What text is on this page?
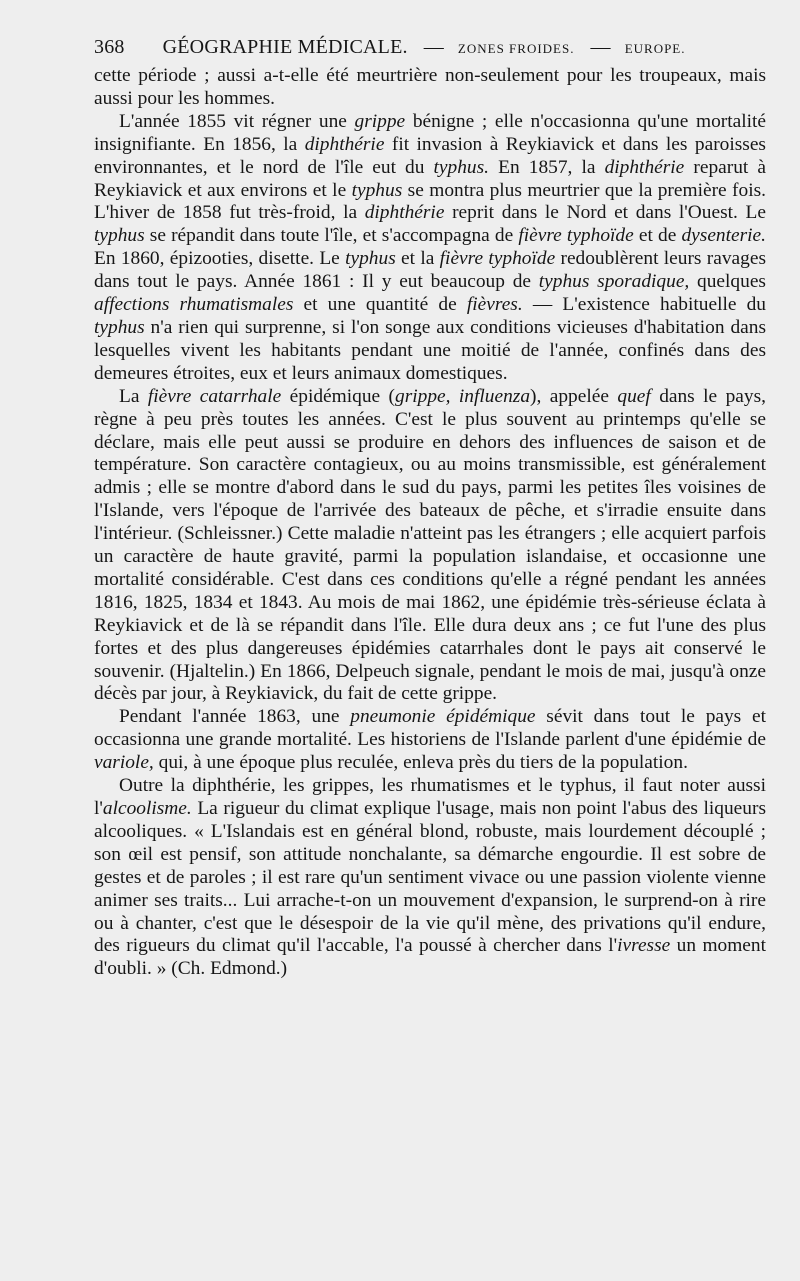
368 GÉOGRAPHIE MÉDICALE. — ZONES FROIDES. — EUROPE.

cette période ; aussi a-t-elle été meurtrière non-seulement pour les troupeaux, mais aussi pour les hommes.

L'année 1855 vit régner une grippe bénigne ; elle n'occasionna qu'une mortalité insignifiante. En 1856, la diphthérie fit invasion à Reykiavick et dans les paroisses environnantes, et le nord de l'île eut du typhus. En 1857, la diphthérie reparut à Reykiavick et aux environs et le typhus se montra plus meurtrier que la première fois. L'hiver de 1858 fut très-froid, la diphthérie reprit dans le Nord et dans l'Ouest. Le typhus se répandit dans toute l'île, et s'accompagna de fièvre typhoïde et de dysenterie. En 1860, épizooties, disette. Le typhus et la fièvre typhoïde redoublèrent leurs ravages dans tout le pays. Année 1861 : Il y eut beaucoup de typhus sporadique, quelques affections rhumatismales et une quantité de fièvres. — L'existence habituelle du typhus n'a rien qui surprenne, si l'on songe aux conditions vicieuses d'habitation dans lesquelles vivent les habitants pendant une moitié de l'année, confinés dans des demeures étroites, eux et leurs animaux domestiques.

La fièvre catarrhale épidémique (grippe, influenza), appelée quef dans le pays, règne à peu près toutes les années. C'est le plus souvent au printemps qu'elle se déclare, mais elle peut aussi se produire en dehors des influences de saison et de température. Son caractère contagieux, ou au moins transmissible, est généralement admis ; elle se montre d'abord dans le sud du pays, parmi les petites îles voisines de l'Islande, vers l'époque de l'arrivée des bateaux de pêche, et s'irradie ensuite dans l'intérieur. (Schleissner.) Cette maladie n'atteint pas les étrangers ; elle acquiert parfois un caractère de haute gravité, parmi la population islandaise, et occasionne une mortalité considérable. C'est dans ces conditions qu'elle a régné pendant les années 1816, 1825, 1834 et 1843. Au mois de mai 1862, une épidémie très-sérieuse éclata à Reykiavick et de là se répandit dans l'île. Elle dura deux ans ; ce fut l'une des plus fortes et des plus dangereuses épidémies catarrhales dont le pays ait conservé le souvenir. (Hjaltelin.) En 1866, Delpeuch signale, pendant le mois de mai, jusqu'à onze décès par jour, à Reykiavick, du fait de cette grippe.

Pendant l'année 1863, une pneumonie épidémique sévit dans tout le pays et occasionna une grande mortalité. Les historiens de l'Islande parlent d'une épidémie de variole, qui, à une époque plus reculée, enleva près du tiers de la population.

Outre la diphthérie, les grippes, les rhumatismes et le typhus, il faut noter aussi l'alcoolisme. La rigueur du climat explique l'usage, mais non point l'abus des liqueurs alcooliques. « L'Islandais est en général blond, robuste, mais lourdement découplé ; son œil est pensif, son attitude nonchalante, sa démarche engourdie. Il est sobre de gestes et de paroles ; il est rare qu'un sentiment vivace ou une passion violente vienne animer ses traits... Lui arrache-t-on un mouvement d'expansion, le surprend-on à rire ou à chanter, c'est que le désespoir de la vie qu'il mène, des privations qu'il endure, des rigueurs du climat qu'il l'accable, l'a poussé à chercher dans l'ivresse un moment d'oubli. » (Ch. Edmond.)
